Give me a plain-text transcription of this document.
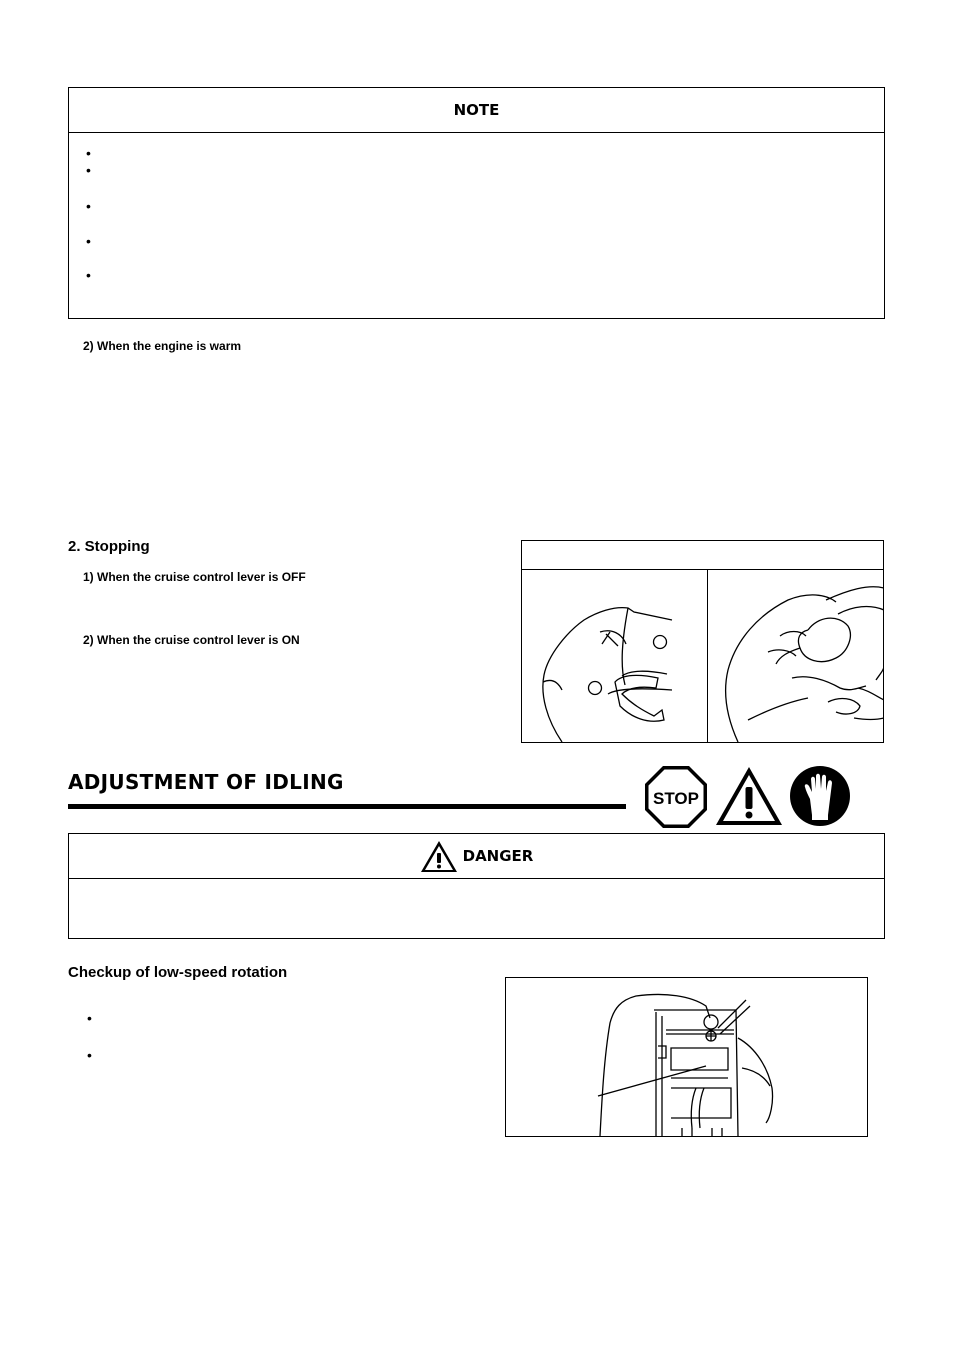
NOTE
•
•
•
•
•
2) When the engine is warm
2. Stopping
1) When the cruise control lever is OFF
2) When the cruise control lever is ON
ADJUSTMENT OF IDLING
STOP
DANGER
Checkup of low-speed rotation
•
•
